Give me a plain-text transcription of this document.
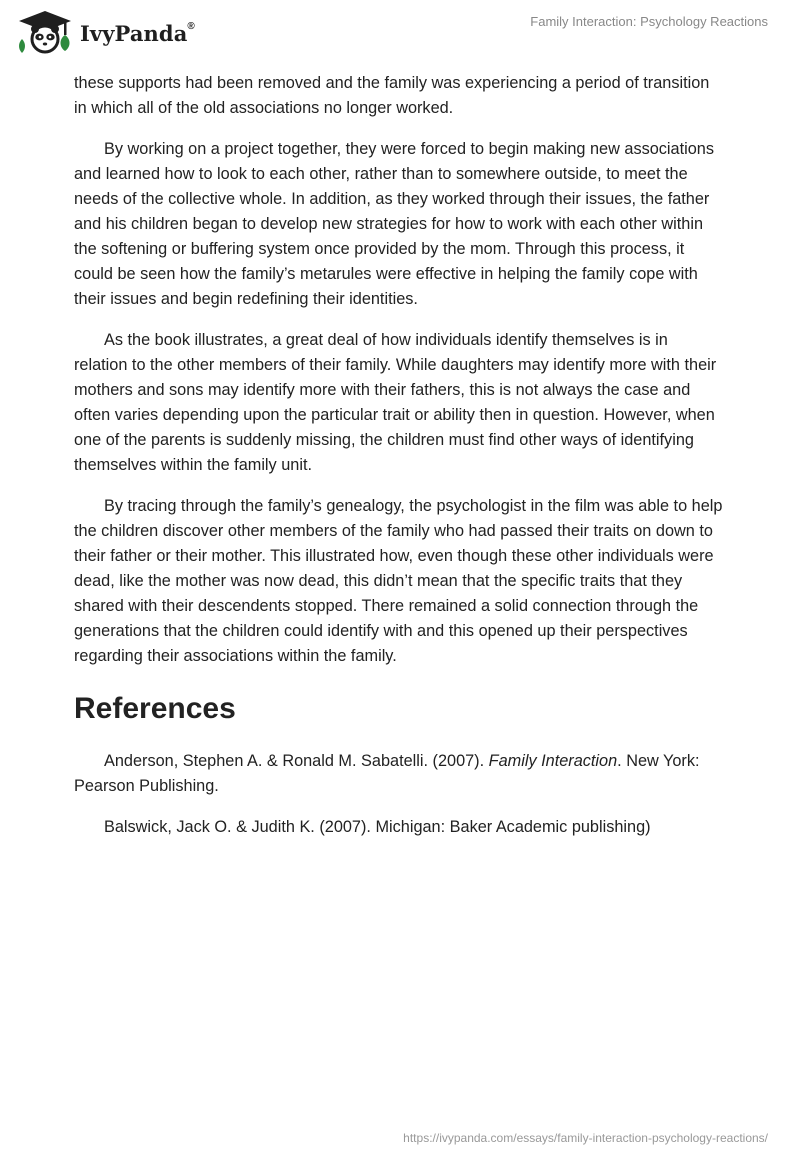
IvyPanda®	Family Interaction: Psychology Reactions

these supports had been removed and the family was experiencing a period of transition in which all of the old associations no longer worked.

By working on a project together, they were forced to begin making new associations and learned how to look to each other, rather than to somewhere outside, to meet the needs of the collective whole. In addition, as they worked through their issues, the father and his children began to develop new strategies for how to work with each other within the softening or buffering system once provided by the mom. Through this process, it could be seen how the family’s metarules were effective in helping the family cope with their issues and begin redefining their identities.

As the book illustrates, a great deal of how individuals identify themselves is in relation to the other members of their family. While daughters may identify more with their mothers and sons may identify more with their fathers, this is not always the case and often varies depending upon the particular trait or ability then in question. However, when one of the parents is suddenly missing, the children must find other ways of identifying themselves within the family unit.

By tracing through the family’s genealogy, the psychologist in the film was able to help the children discover other members of the family who had passed their traits on down to their father or their mother. This illustrated how, even though these other individuals were dead, like the mother was now dead, this didn’t mean that the specific traits that they shared with their descendents stopped. There remained a solid connection through the generations that the children could identify with and this opened up their perspectives regarding their associations within the family.

References

Anderson, Stephen A. & Ronald M. Sabatelli. (2007). Family Interaction. New York: Pearson Publishing.

Balswick, Jack O. & Judith K. (2007). Michigan: Baker Academic publishing)

https://ivypanda.com/essays/family-interaction-psychology-reactions/
